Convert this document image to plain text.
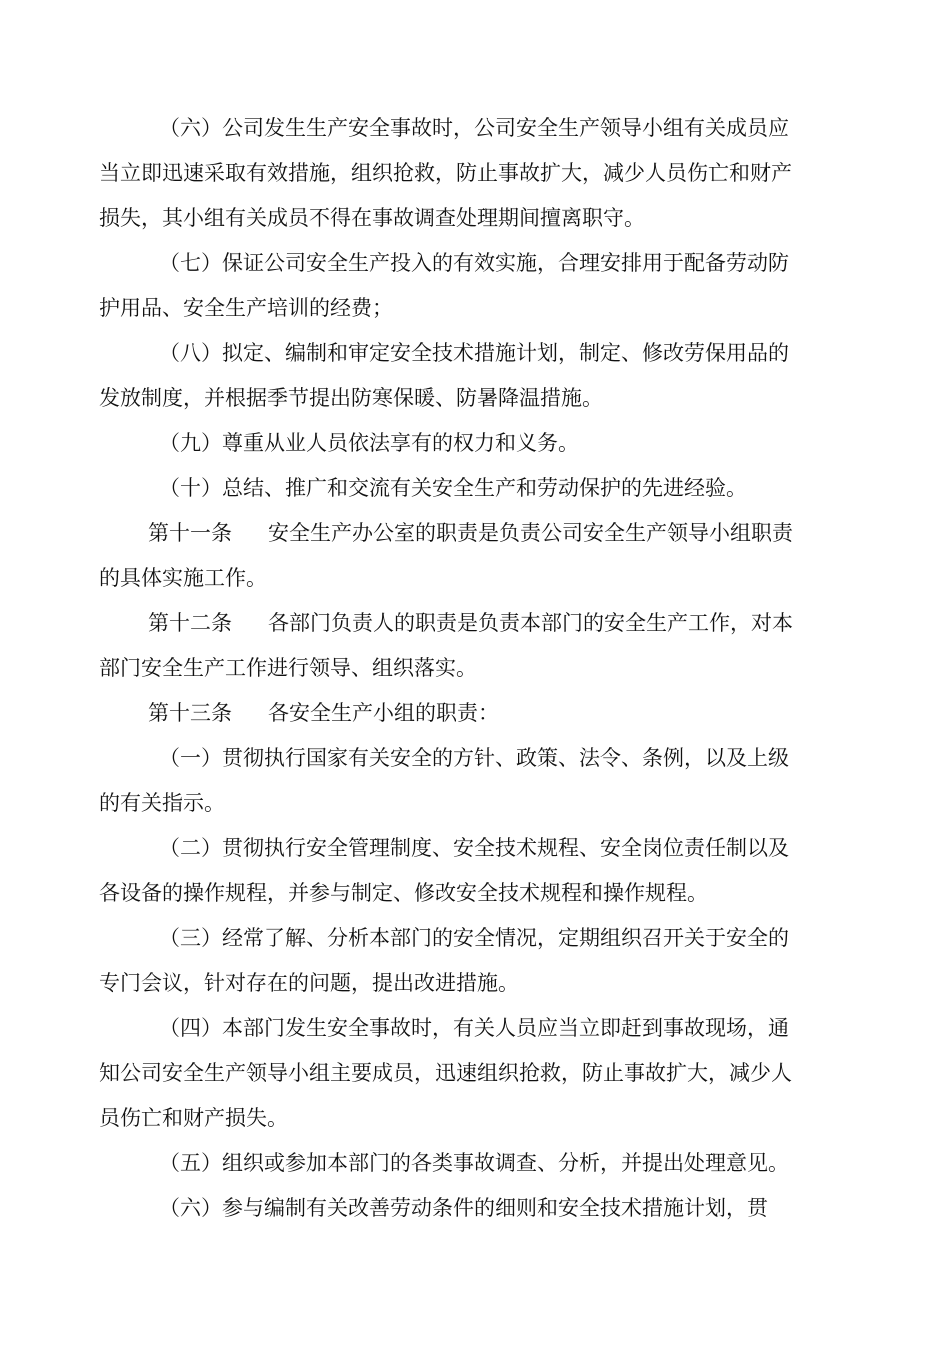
（六）公司发生生产安全事故时，公司安全生产领导小组有关成员应当立即迅速采取有效措施，组织抢救，防止事故扩大，减少人员伤亡和财产损失，其小组有关成员不得在事故调查处理期间擅离职守。

（七）保证公司安全生产投入的有效实施，合理安排用于配备劳动防护用品、安全生产培训的经费；

（八）拟定、编制和审定安全技术措施计划，制定、修改劳保用品的发放制度，并根据季节提出防寒保暖、防暑降温措施。

（九）尊重从业人员依法享有的权力和义务。

（十）总结、推广和交流有关安全生产和劳动保护的先进经验。

第十一条 安全生产办公室的职责是负责公司安全生产领导小组职责的具体实施工作。

第十二条 各部门负责人的职责是负责本部门的安全生产工作，对本部门安全生产工作进行领导、组织落实。

第十三条 各安全生产小组的职责：

（一）贯彻执行国家有关安全的方针、政策、法令、条例，以及上级的有关指示。

（二）贯彻执行安全管理制度、安全技术规程、安全岗位责任制以及各设备的操作规程，并参与制定、修改安全技术规程和操作规程。

（三）经常了解、分析本部门的安全情况，定期组织召开关于安全的专门会议，针对存在的问题，提出改进措施。

（四）本部门发生安全事故时，有关人员应当立即赶到事故现场，通知公司安全生产领导小组主要成员，迅速组织抢救，防止事故扩大，减少人员伤亡和财产损失。

（五）组织或参加本部门的各类事故调查、分析，并提出处理意见。

（六）参与编制有关改善劳动条件的细则和安全技术措施计划，贯
